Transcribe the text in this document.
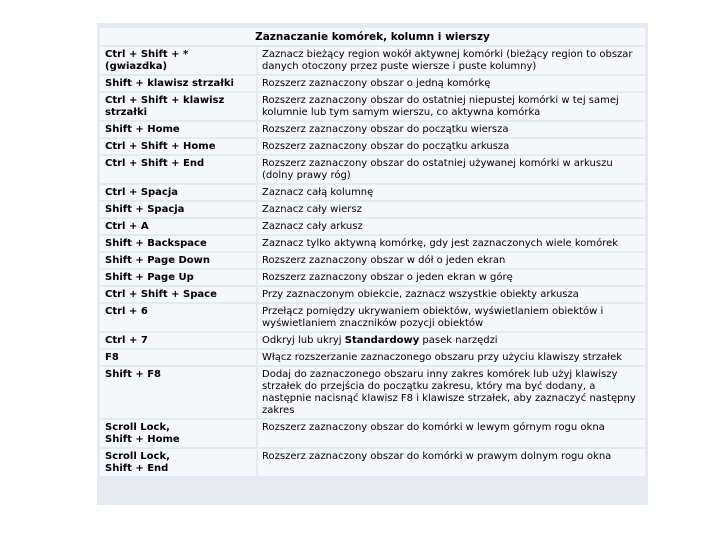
Zaznaczanie komórek, kolumn i wierszy	
Ctrl + Shift + * (gwiazdka)	Zaznacz bieżący region wokół aktywnej komórki (bieżący region to obszar danych otoczony przez puste wiersze i puste kolumny)
Shift + klawisz strzałki	Rozszerz zaznaczony obszar o jedną komórkę
Ctrl + Shift + klawisz strzałki	Rozszerz zaznaczony obszar do ostatniej niepustej komórki w tej samej kolumnie lub tym samym wierszu, co aktywna komórka
Shift + Home	Rozszerz zaznaczony obszar do początku wiersza
Ctrl + Shift + Home	Rozszerz zaznaczony obszar do początku arkusza
Ctrl + Shift + End	Rozszerz zaznaczony obszar do ostatniej używanej komórki w arkuszu (dolny prawy róg)
Ctrl + Spacja	Zaznacz całą kolumnę
Shift + Spacja	Zaznacz cały wiersz
Ctrl + A	Zaznacz cały arkusz
Shift + Backspace	Zaznacz tylko aktywną komórkę, gdy jest zaznaczonych wiele komórek
Shift + Page Down	Rozszerz zaznaczony obszar w dół o jeden ekran
Shift + Page Up	Rozszerz zaznaczony obszar o jeden ekran w górę
Ctrl + Shift + Space	Przy zaznaczonym obiekcie, zaznacz wszystkie obiekty arkusza
Ctrl + 6	Przełącz pomiędzy ukrywaniem obiektów, wyświetlaniem obiektów i wyświetlaniem znaczników pozycji obiektów
Ctrl + 7	Odkryj lub ukryj Standardowy pasek narzędzi
F8	Włącz rozszerzanie zaznaczonego obszaru przy użyciu klawiszy strzałek
Shift + F8	Dodaj do zaznaczonego obszaru inny zakres komórek lub użyj klawiszy strzałek do przejścia do początku zakresu, który ma być dodany, a następnie nacisnąć klawisz F8 i klawisze strzałek, aby zaznaczyć następny zakres
Scroll Lock,
Shift + Home	Rozszerz zaznaczony obszar do komórki w lewym górnym rogu okna
Scroll Lock,
Shift + End	Rozszerz zaznaczony obszar do komórki w prawym dolnym rogu okna
